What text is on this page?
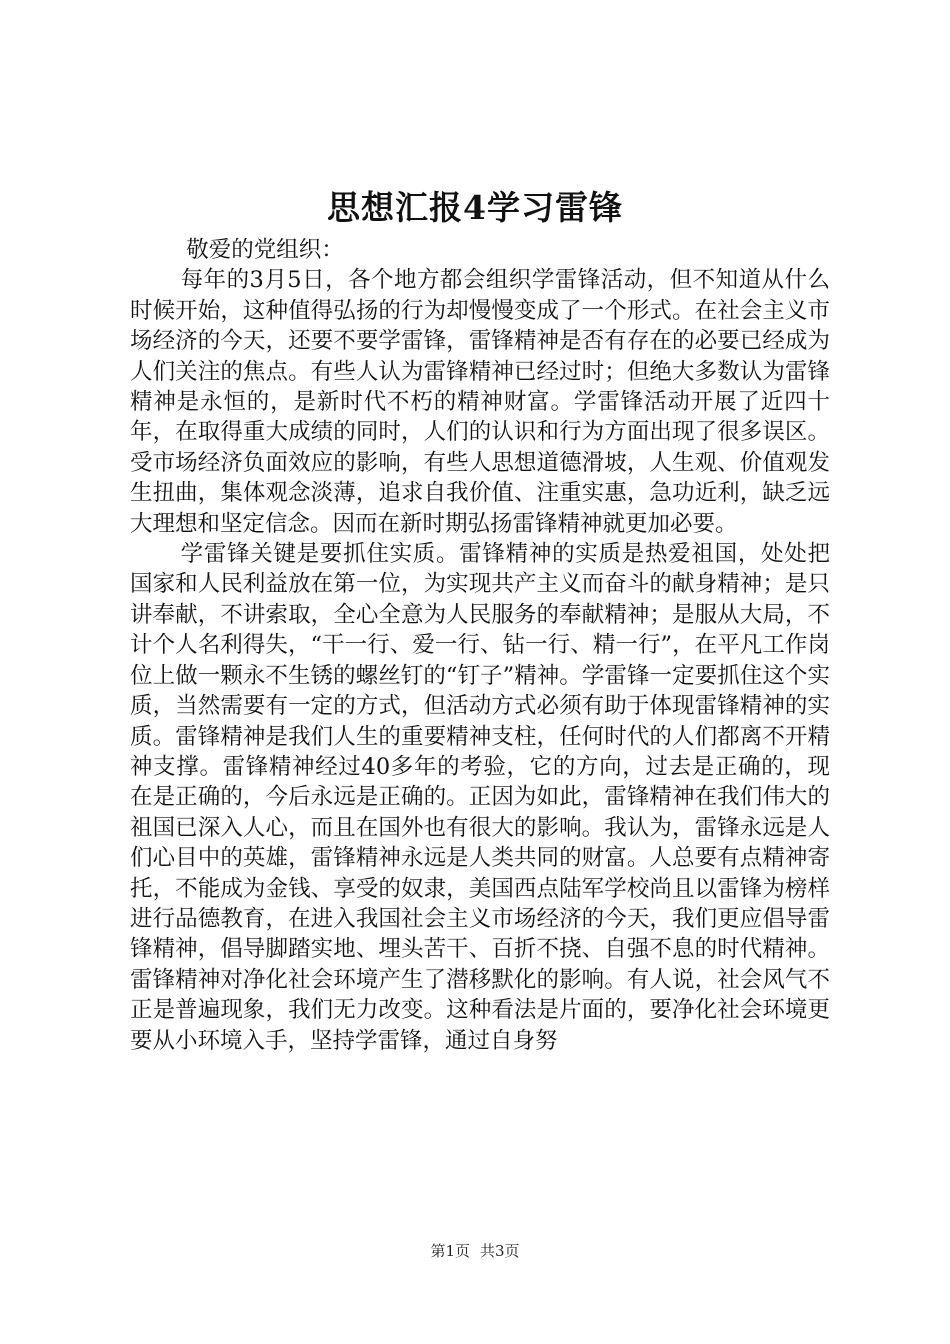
思想汇报4学习雷锋

敬爱的党组织：

每年的3月5日，各个地方都会组织学雷锋活动，但不知道从什么时候开始，这种值得弘扬的行为却慢慢变成了一个形式。在社会主义市场经济的今天，还要不要学雷锋，雷锋精神是否有存在的必要已经成为人们关注的焦点。有些人认为雷锋精神已经过时；但绝大多数认为雷锋精神是永恒的，是新时代不朽的精神财富。学雷锋活动开展了近四十年，在取得重大成绩的同时，人们的认识和行为方面出现了很多误区。受市场经济负面效应的影响，有些人思想道德滑坡，人生观、价值观发生扭曲，集体观念淡薄，追求自我价值、注重实惠，急功近利，缺乏远大理想和坚定信念。因而在新时期弘扬雷锋精神就更加必要。

学雷锋关键是要抓住实质。雷锋精神的实质是热爱祖国，处处把国家和人民利益放在第一位，为实现共产主义而奋斗的献身精神；是只讲奉献，不讲索取，全心全意为人民服务的奉献精神；是服从大局，不计个人名利得失，“干一行、爱一行、钻一行、精一行”，在平凡工作岗位上做一颗永不生锈的螺丝钉的“钉子”精神。学雷锋一定要抓住这个实质，当然需要有一定的方式，但活动方式必须有助于体现雷锋精神的实质。雷锋精神是我们人生的重要精神支柱，任何时代的人们都离不开精神支撑。雷锋精神经过40多年的考验，它的方向，过去是正确的，现在是正确的，今后永远是正确的。正因为如此，雷锋精神在我们伟大的祖国已深入人心，而且在国外也有很大的影响。我认为，雷锋永远是人们心目中的英雄，雷锋精神永远是人类共同的财富。人总要有点精神寄托，不能成为金钱、享受的奴隶，美国西点陆军学校尚且以雷锋为榜样进行品德教育，在进入我国社会主义市场经济的今天，我们更应倡导雷锋精神，倡导脚踏实地、埋头苦干、百折不挠、自强不息的时代精神。雷锋精神对净化社会环境产生了潜移默化的影响。有人说，社会风气不正是普遍现象，我们无力改变。这种看法是片面的，要净化社会环境更要从小环境入手，坚持学雷锋，通过自身努

第1页 共3页
